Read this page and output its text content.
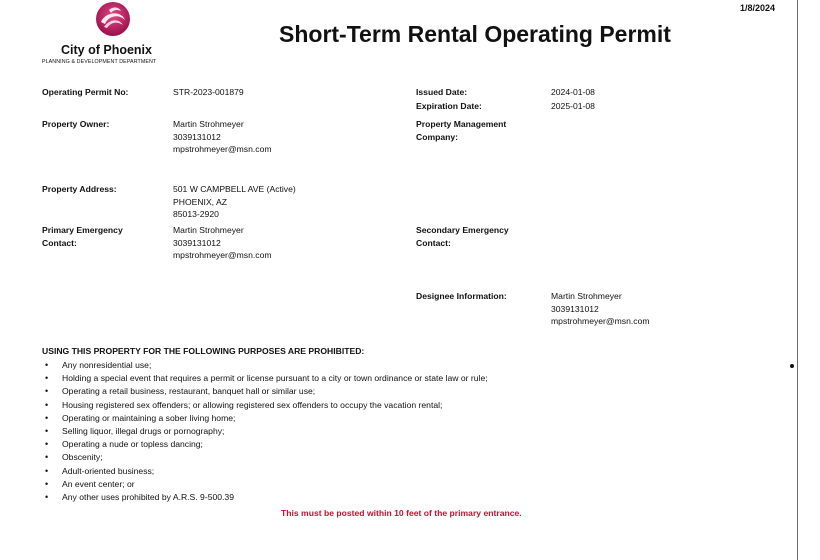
1/8/2024
City of Phoenix
PLANNING & DEVELOPMENT DEPARTMENT
Short-Term Rental Operating Permit
Operating Permit No:	STR-2023-001879	Issued Date:	2024-01-08
Expiration Date:	2025-01-08
Property Owner:	Martin Strohmeyer
3039131012
mpstrohmeyer@msn.com
Property Management
Company:
Property Address:	501 W CAMPBELL AVE (Active)
PHOENIX, AZ
85013-2920
Primary Emergency
Contact:
Martin Strohmeyer
3039131012
mpstrohmeyer@msn.com
Secondary Emergency
Contact:
Designee Information:	Martin Strohmeyer
3039131012
mpstrohmeyer@msn.com
USING THIS PROPERTY FOR THE FOLLOWING PURPOSES ARE PROHIBITED:
• Any nonresidential use;
• Holding a special event that requires a permit or license pursuant to a city or town ordinance or state law or rule;
• Operating a retail business, restaurant, banquet hall or similar use;
• Housing registered sex offenders; or allowing registered sex offenders to occupy the vacation rental;
• Operating or maintaining a sober living home;
• Selling liquor, illegal drugs or pornography;
• Operating a nude or topless dancing;
• Obscenity;
• Adult-oriented business;
• An event center; or
• Any other uses prohibited by A.R.S. 9-500.39
This must be posted within 10 feet of the primary entrance.
